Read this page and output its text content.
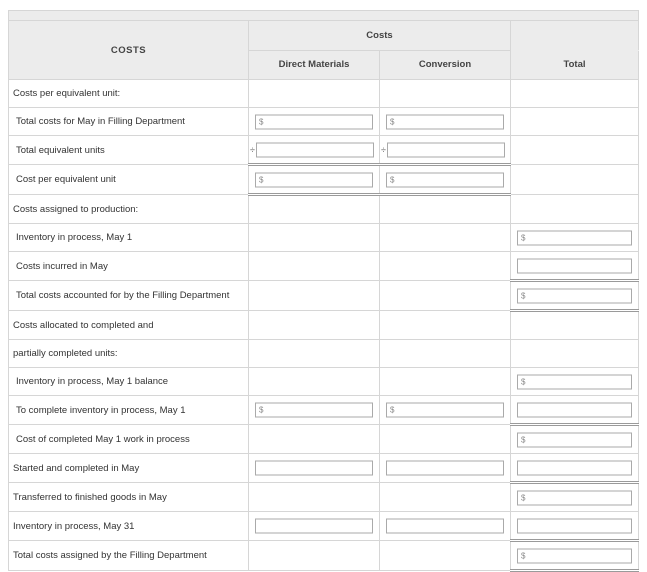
COSTS	Costs		
	Direct Materials	Conversion	Total
Costs per equivalent unit:			
Total costs for May in Filling Department	$	$	

Total equivalent units	÷	÷	

Cost per equivalent unit	$	$	

Costs assigned to production:			
Inventory in process, May 1			$

Costs incurred in May			

Total costs accounted for by the Filling Department			$

Costs allocated to completed and			
partially completed units:			
Inventory in process, May 1 balance			$

To complete inventory in process, May 1	$	$	

Cost of completed May 1 work in process			$

Started and completed in May	

Transferred to finished goods in May			$

Inventory in process, May 31	

Total costs assigned by the Filling Department			$
